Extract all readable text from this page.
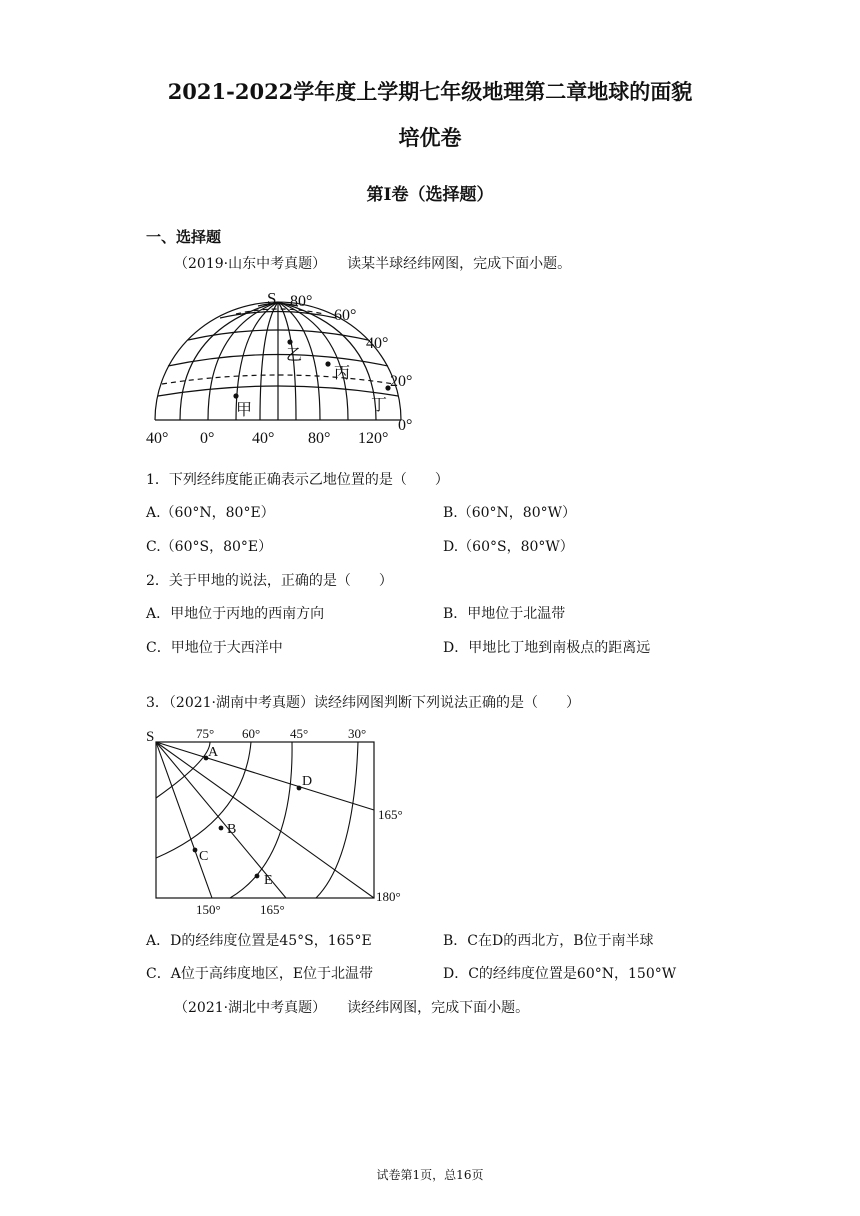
2021-2022学年度上学期七年级地理第二章地球的面貌
培优卷
第I卷（选择题）
一、选择题
（2019·山东中考真题）　　读某半球经纬网图，完成下面小题。
S 80°
60°
40°
20°
0°
40° 0° 40° 80° 120°
甲
乙
丙
丁
1．下列经纬度能正确表示乙地位置的是（　　）
A.（60°N，80°E）	B.（60°N，80°W）
C.（60°S，80°E）	D.（60°S，80°W）
2．关于甲地的说法，正确的是（　　）
A．甲地位于丙地的西南方向	B．甲地位于北温带
C．甲地位于大西洋中	D．甲地比丁地到南极点的距离远
3．（2021·湖南中考真题）读经纬网图判断下列说法正确的是（　　）
S	75° 60° 45°	30°
165°
180°
150°	165°
A
B
C
D
E
A．D的经纬度位置是45°S，165°E	B．C在D的西北方，B位于南半球
C．A位于高纬度地区，E位于北温带	D．C的经纬度位置是60°N，150°W
（2021·湖北中考真题）　　读经纬网图，完成下面小题。
试卷第1页，总16页
